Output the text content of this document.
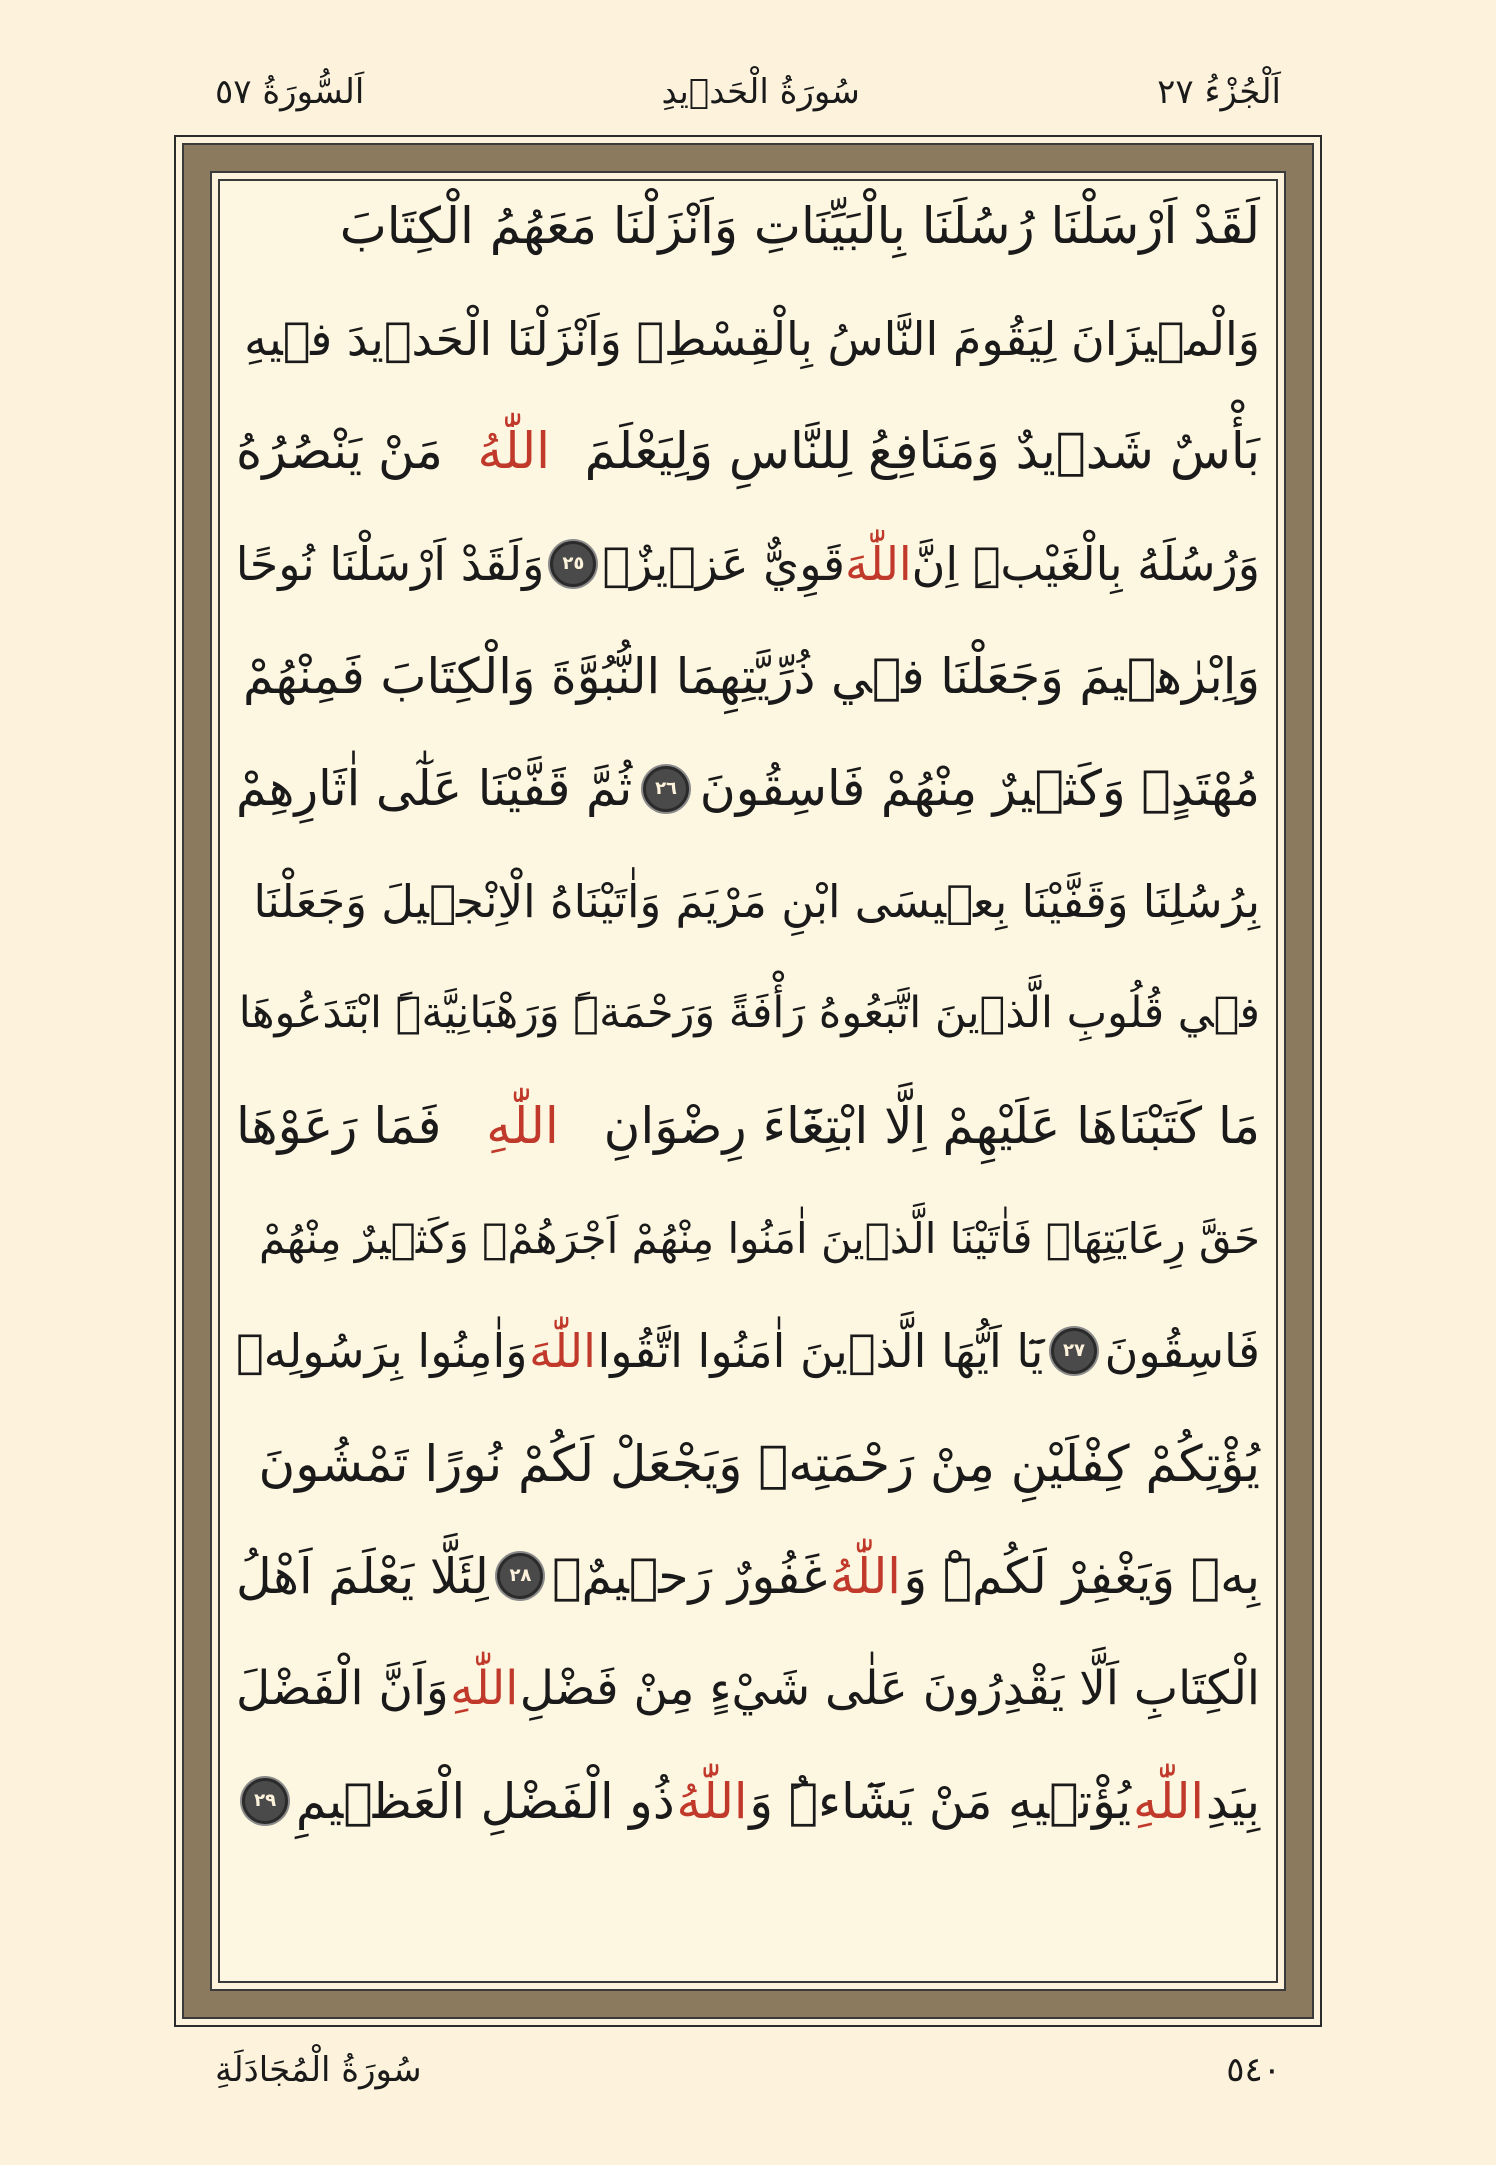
اَلْجُزْءُ ٢٧
سُورَةُ الْحَد۪يدِ
اَلسُّورَةُ ٥٧
لَقَدْ اَرْسَلْنَا رُسُلَنَا بِالْبَيِّنَاتِ وَاَنْزَلْنَا مَعَهُمُ الْكِتَابَ
وَالْم۪يزَانَ لِيَقُومَ النَّاسُ بِالْقِسْطِۚ وَاَنْزَلْنَا الْحَد۪يدَ ف۪يهِ
بَأْسٌ شَد۪يدٌ وَمَنَافِعُ لِلنَّاسِ وَلِيَعْلَمَ
اللّٰهُ
مَنْ يَنْصُرُهُ
وَرُسُلَهُ بِالْغَيْبِۜ اِنَّ
اللّٰهَ
قَوِيٌّ عَز۪يزٌ۟
٢٥
وَلَقَدْ اَرْسَلْنَا نُوحًا
وَاِبْرٰه۪يمَ وَجَعَلْنَا ف۪ي ذُرِّيَّتِهِمَا النُّبُوَّةَ وَالْكِتَابَ فَمِنْهُمْ
مُهْتَدٍۚ وَكَث۪يرٌ مِنْهُمْ فَاسِقُونَ
٢٦
ثُمَّ قَفَّيْنَا عَلٰٓى اٰثَارِهِمْ
بِرُسُلِنَا وَقَفَّيْنَا بِع۪يسَى ابْنِ مَرْيَمَ وَاٰتَيْنَاهُ الْاِنْج۪يلَ وَجَعَلْنَا
ف۪ي قُلُوبِ الَّذ۪ينَ اتَّبَعُوهُ رَأْفَةً وَرَحْمَةًۜ وَرَهْبَانِيَّةًۨ ابْتَدَعُوهَا
مَا كَتَبْنَاهَا عَلَيْهِمْ اِلَّا ابْتِغَٓاءَ رِضْوَانِ
اللّٰهِ
فَمَا رَعَوْهَا
حَقَّ رِعَايَتِهَاۚ فَاٰتَيْنَا الَّذ۪ينَ اٰمَنُوا مِنْهُمْ اَجْرَهُمْۚ وَكَث۪يرٌ مِنْهُمْ
فَاسِقُونَ
٢٧
يَٓا اَيُّهَا الَّذ۪ينَ اٰمَنُوا اتَّقُوا
اللّٰهَ
وَاٰمِنُوا بِرَسُولِه۪
يُؤْتِكُمْ كِفْلَيْنِ مِنْ رَحْمَتِه۪ وَيَجْعَلْ لَكُمْ نُورًا تَمْشُونَ
بِه۪ وَيَغْفِرْ لَكُمْۜ وَ
اللّٰهُ
غَفُورٌ رَح۪يمٌۙ
٢٨
لِئَلَّا يَعْلَمَ اَهْلُ
الْكِتَابِ اَلَّا يَقْدِرُونَ عَلٰى شَيْءٍ مِنْ فَضْلِ
اللّٰهِ
وَاَنَّ الْفَضْلَ
بِيَدِ
اللّٰهِ
يُؤْت۪يهِ مَنْ يَشَٓاءُۜ وَ
اللّٰهُ
ذُو الْفَضْلِ الْعَظ۪يمِ
٢٩
٥٤٠
سُورَةُ الْمُجَادَلَةِ
